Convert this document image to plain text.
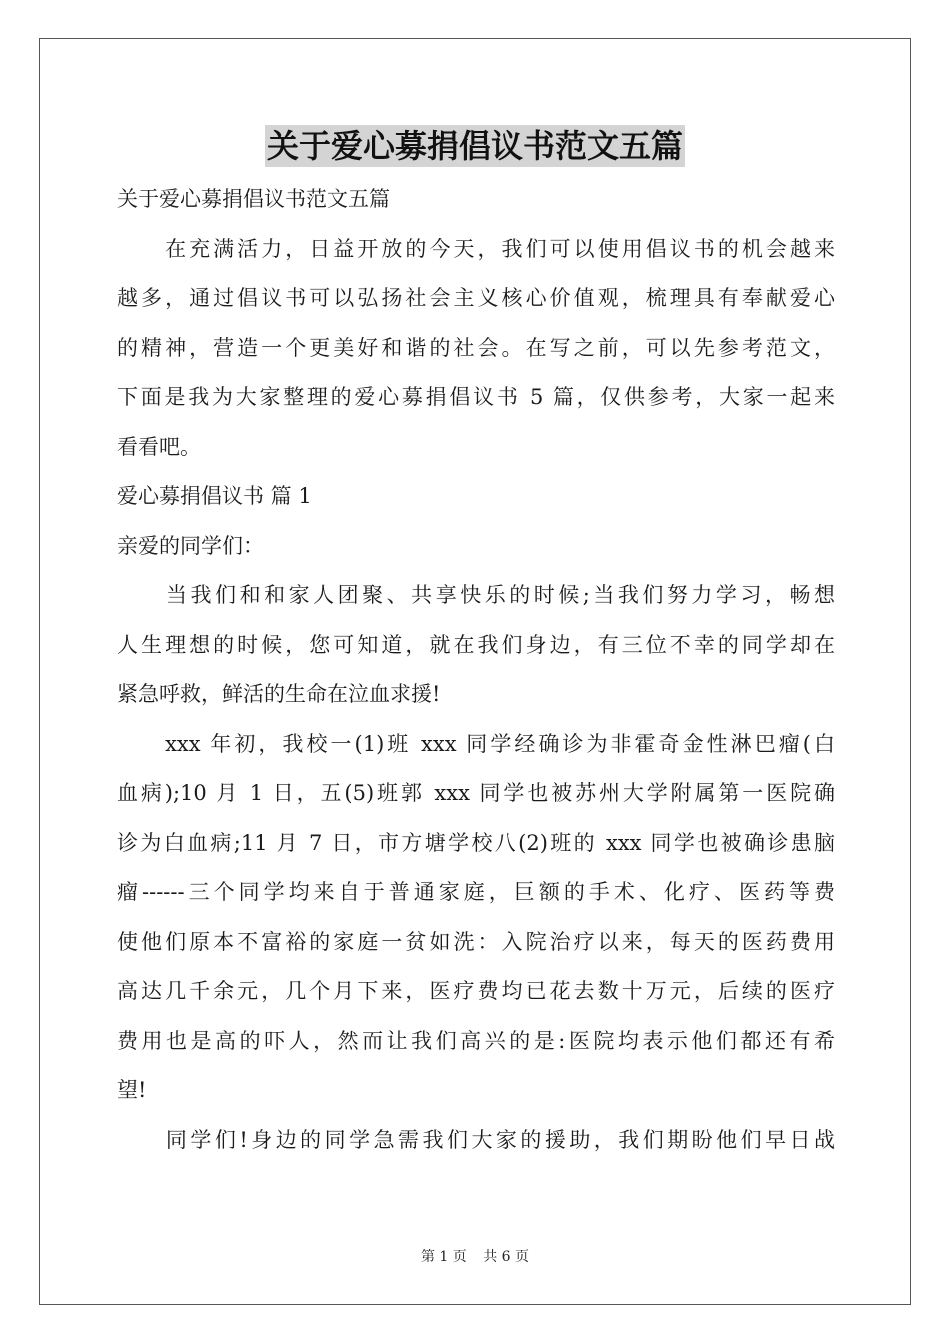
关于爱心募捐倡议书范文五篇
关于爱心募捐倡议书范文五篇
　　在充满活力，日益开放的今天，我们可以使用倡议书的机会越来
越多，通过倡议书可以弘扬社会主义核心价值观，梳理具有奉献爱心
的精神，营造一个更美好和谐的社会。在写之前，可以先参考范文，
下面是我为大家整理的爱心募捐倡议书 5 篇，仅供参考，大家一起来
看看吧。
爱心募捐倡议书 篇 1
亲爱的同学们：
　　当我们和和家人团聚、共享快乐的时候;当我们努力学习，畅想
人生理想的时候，您可知道，就在我们身边，有三位不幸的同学却在
紧急呼救，鲜活的生命在泣血求援!
　　xxx 年初，我校一(1)班 xxx 同学经确诊为非霍奇金性淋巴瘤(白
血病);10 月 1 日，五(5)班郭 xxx 同学也被苏州大学附属第一医院确
诊为白血病;11 月 7 日，市方塘学校八(2)班的 xxx 同学也被确诊患脑
瘤------三个同学均来自于普通家庭，巨额的手术、化疗、医药等费
使他们原本不富裕的家庭一贫如洗：入院治疗以来，每天的医药费用
高达几千余元，几个月下来，医疗费均已花去数十万元，后续的医疗
费用也是高的吓人，然而让我们高兴的是:医院均表示他们都还有希
望!
　　同学们!身边的同学急需我们大家的援助，我们期盼他们早日战
第 1 页 共 6 页
